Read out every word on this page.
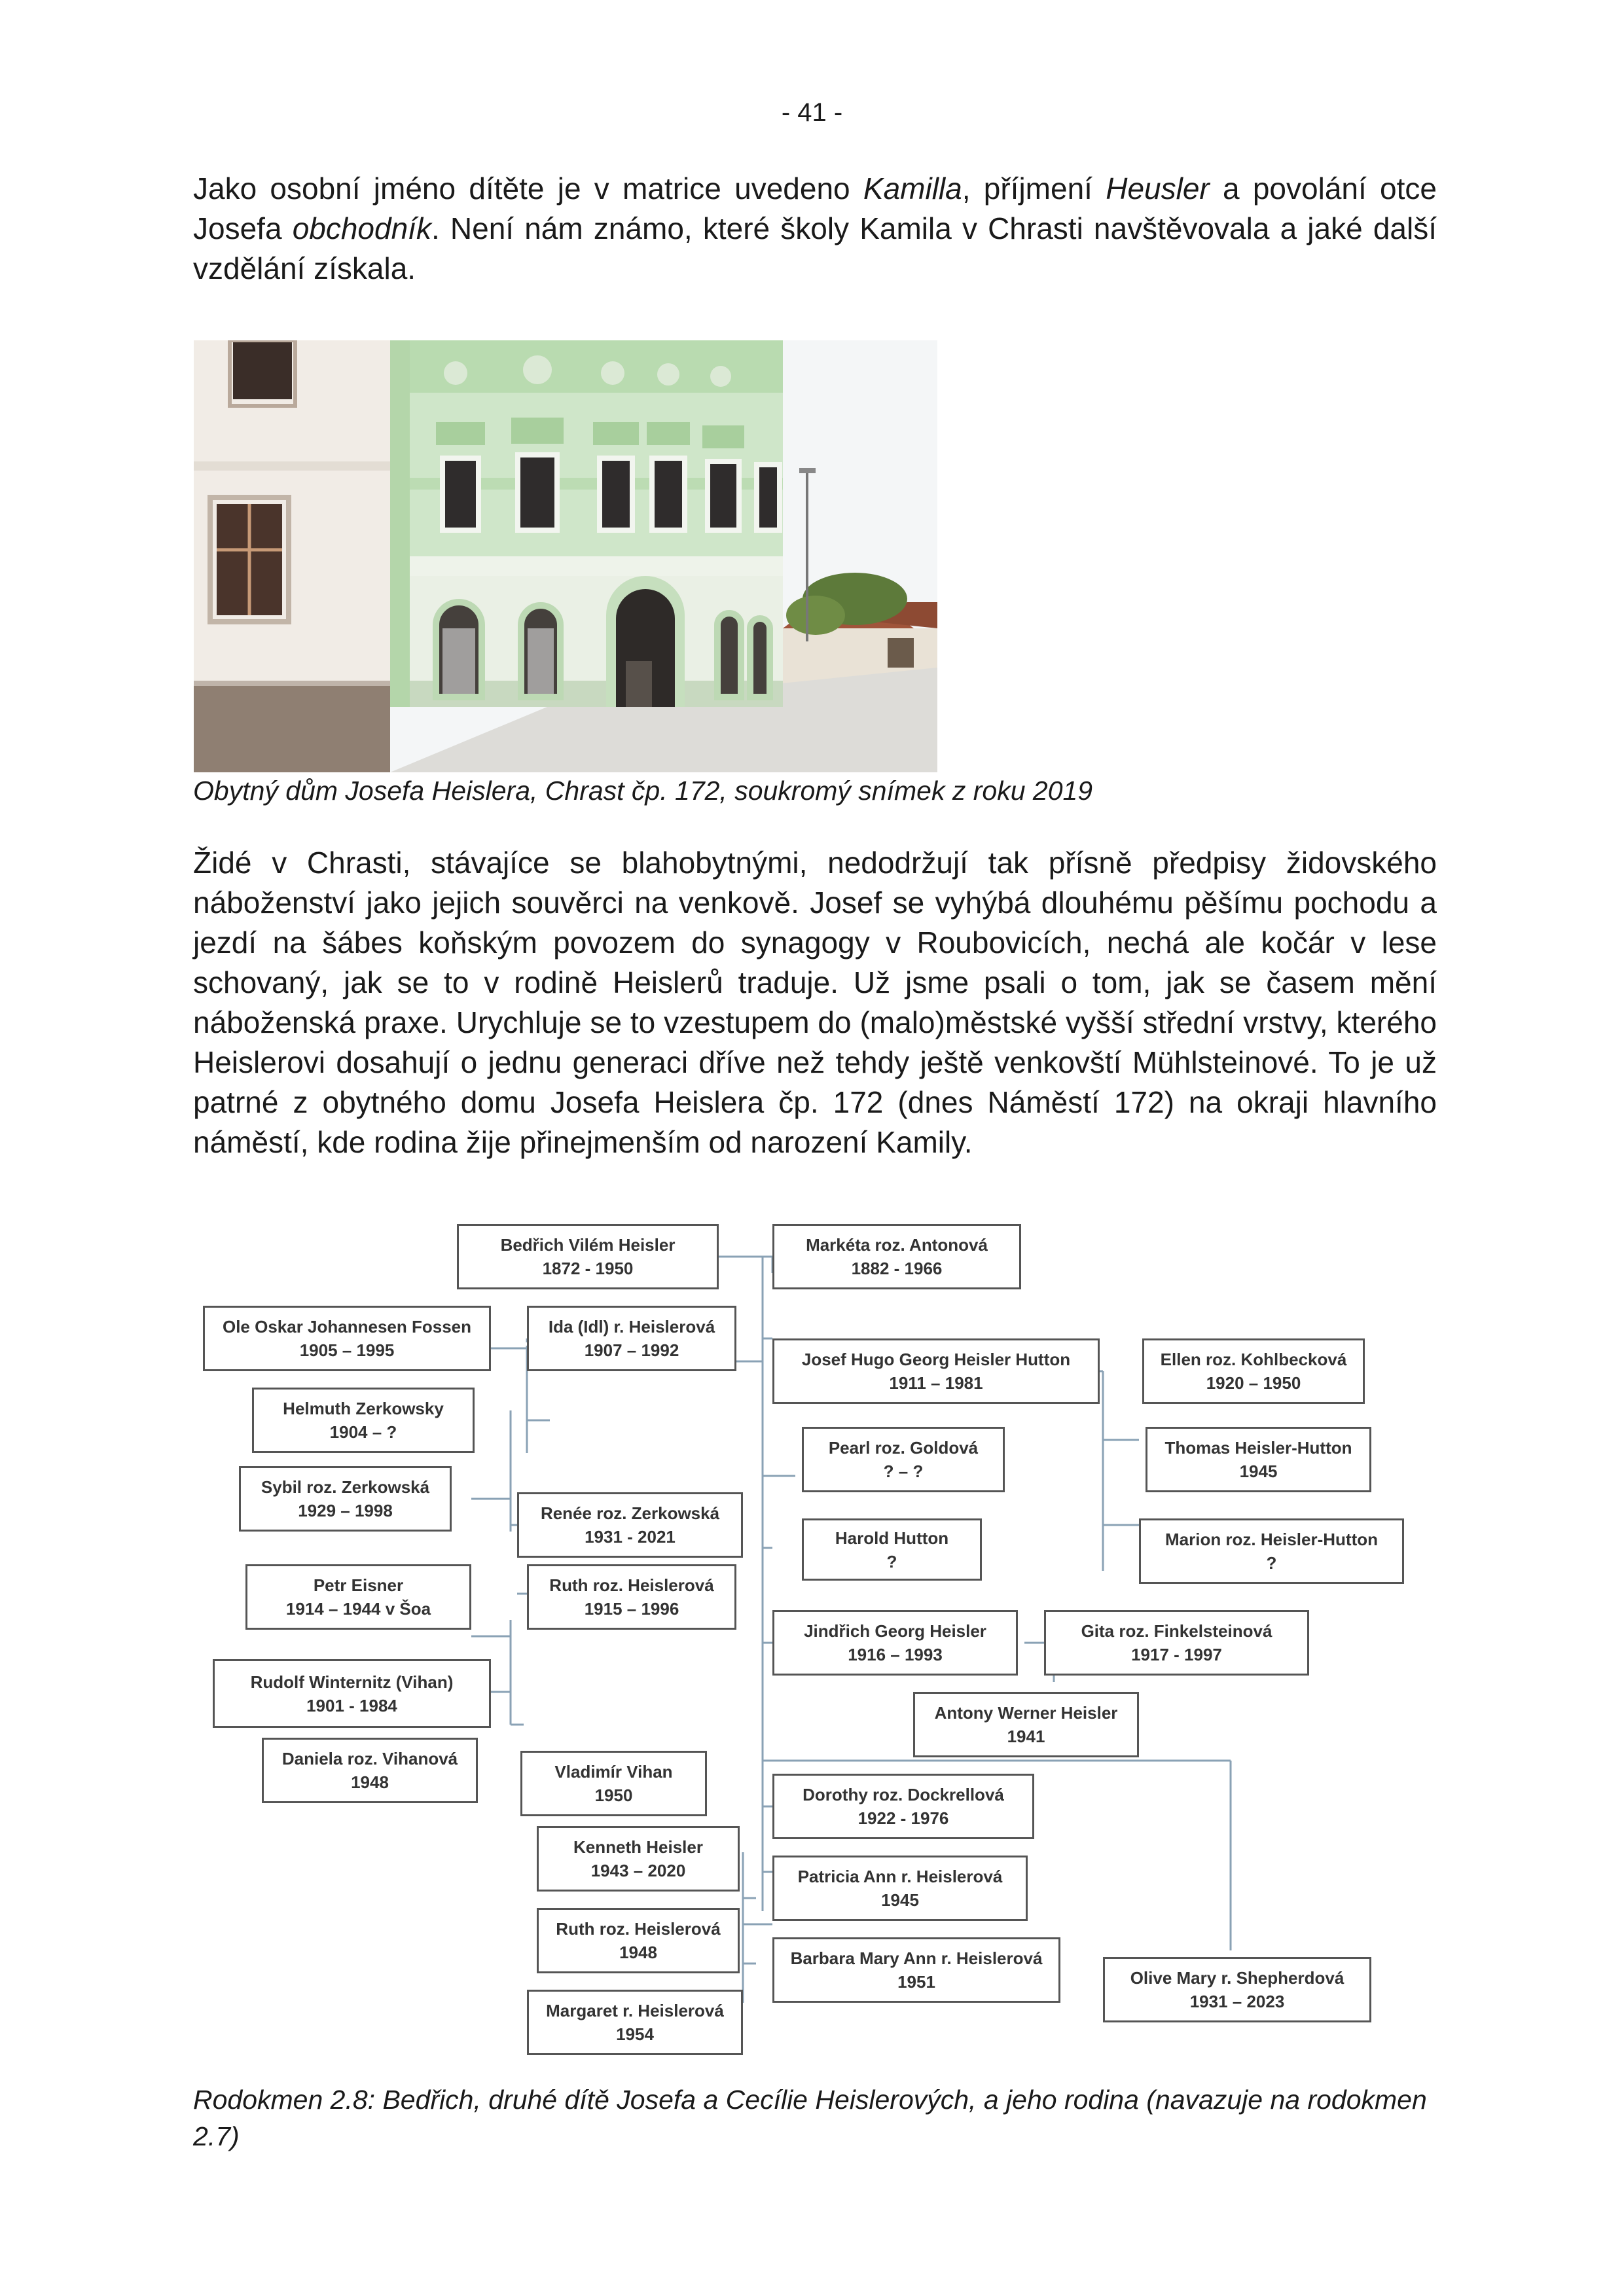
- 41 -

Jako osobní jméno dítěte je v matrice uvedeno Kamilla, příjmení Heusler a povolání otce Josefa obchodník. Není nám známo, které školy Kamila v Chrasti navštěvovala a jaké další vzdělání získala.

Obytný dům Josefa Heislera, Chrast čp. 172, soukromý snímek z roku 2019

Židé v Chrasti, stávajíce se blahobytnými, nedodržují tak přísně předpisy židovského náboženství jako jejich souvěrci na venkově. Josef se vyhýbá dlouhému pěšímu pochodu a jezdí na šábes koňským povozem do synagogy v Roubovicích, nechá ale kočár v lese schovaný, jak se to v rodině Heislerů traduje. Už jsme psali o tom, jak se časem mění náboženská praxe. Urychluje se to vzestupem do (malo)městské vyšší střední vrstvy, kterého Heislerovi dosahují o jednu generaci dříve než tehdy ještě venkovští Mühlsteinové. To je už patrné z obytného domu Josefa Heislera čp. 172 (dnes Náměstí 172) na okraji hlavního náměstí, kde rodina žije přinejmenším od narození Kamily.

Bedřich Vilém Heisler
1872 - 1950
Markéta roz. Antonová
1882 - 1966
Ole Oskar Johannesen Fossen
1905 – 1995
Ida (Idl) r. Heislerová
1907 – 1992	Josef Hugo Georg Heisler Hutton
1911 – 1981
Ellen roz. Kohlbecková
1920 – 1950
Helmuth Zerkowsky
1904 – ?
Pearl roz. Goldová
? – ?
Thomas Heisler-Hutton
1945
Sybil roz. Zerkowská
1929 – 1998	Renée roz. Zerkowská
1931 - 2021	Harold Hutton
?
Marion roz. Heisler-Hutton
?
Petr Eisner
1914 – 1944 v Šoa
Ruth roz. Heislerová
1915 – 1996
Jindřich Georg Heisler
1916 – 1993
Gita roz. Finkelsteinová
1917 - 1997
Rudolf Winternitz (Vihan)
1901 - 1984	Antony Werner Heisler
1941
Daniela roz. Vihanová
1948
Vladimír Vihan
1950	Dorothy roz. Dockrellová
1922 - 1976
Kenneth Heisler
1943 – 2020	Patricia Ann r. Heislerová
1945
Ruth roz. Heislerová
1948	Barbara Mary Ann r. Heislerová
1951	Olive Mary r. Shepherdová
1931 – 2023
Margaret r. Heislerová
1954

Rodokmen 2.8: Bedřich, druhé dítě Josefa a Cecílie Heislerových, a jeho rodina (navazuje na rodokmen 2.7)
